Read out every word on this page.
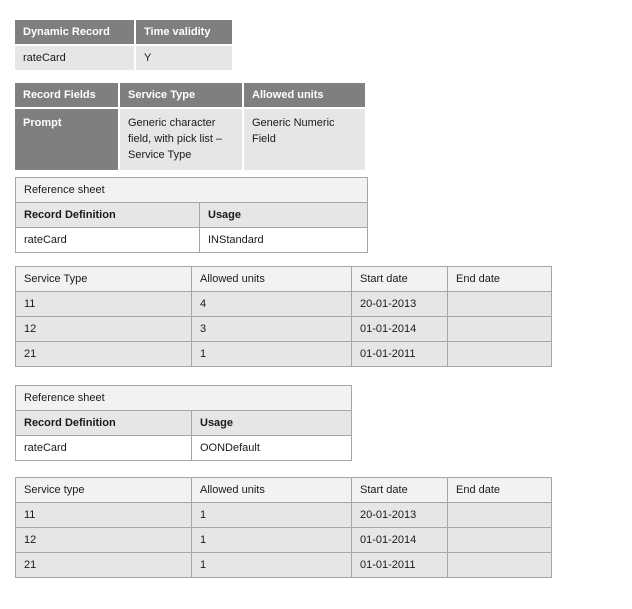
Dynamic Record	Time validity
rateCard	Y
Record Fields	Service Type	Allowed units
Prompt	Generic character field, with pick list –Service Type	Generic Numeric Field
Reference sheet	
Record Definition	Usage
rateCard	INStandard
Service Type	Allowed units	Start date	End date
11	4	20-01-2013	
12	3	01-01-2014	
21	1	01-01-2011	
Reference sheet	
Record Definition	Usage
rateCard	OONDefault
Service type	Allowed units	Start date	End date
11	1	20-01-2013	
12	1	01-01-2014	
21	1	01-01-2011	
